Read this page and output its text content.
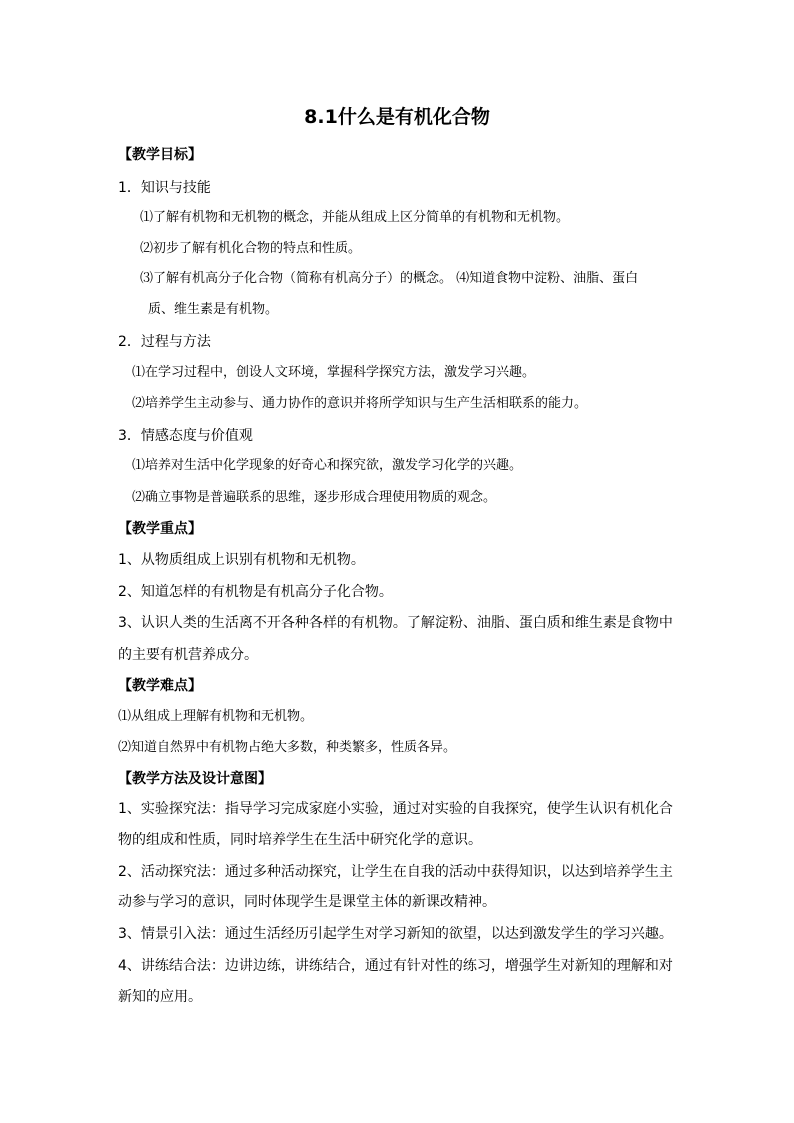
8.1什么是有机化合物
【教学目标】
1．知识与技能
⑴了解有机物和无机物的概念，并能从组成上区分简单的有机物和无机物。
⑵初步了解有机化合物的特点和性质。
⑶了解有机高分子化合物（简称有机高分子）的概念。 ⑷知道食物中淀粉、油脂、蛋白
质、维生素是有机物。
2．过程与方法
⑴在学习过程中，创设人文环境，掌握科学探究方法，激发学习兴趣。
⑵培养学生主动参与、通力协作的意识并将所学知识与生产生活相联系的能力。
3．情感态度与价值观
⑴培养对生活中化学现象的好奇心和探究欲，激发学习化学的兴趣。
⑵确立事物是普遍联系的思维，逐步形成合理使用物质的观念。
【教学重点】
1、从物质组成上识别有机物和无机物。
2、知道怎样的有机物是有机高分子化合物。
3、认识人类的生活离不开各种各样的有机物。了解淀粉、油脂、蛋白质和维生素是食物中
的主要有机营养成分。
【教学难点】
⑴从组成上理解有机物和无机物。
⑵知道自然界中有机物占绝大多数，种类繁多，性质各异。
【教学方法及设计意图】
1、实验探究法：指导学习完成家庭小实验，通过对实验的自我探究，使学生认识有机化合
物的组成和性质，同时培养学生在生活中研究化学的意识。
2、活动探究法：通过多种活动探究，让学生在自我的活动中获得知识，以达到培养学生主
动参与学习的意识，同时体现学生是课堂主体的新课改精神。
3、情景引入法：通过生活经历引起学生对学习新知的欲望，以达到激发学生的学习兴趣。
4、讲练结合法：边讲边练，讲练结合，通过有针对性的练习，增强学生对新知的理解和对
新知的应用。
